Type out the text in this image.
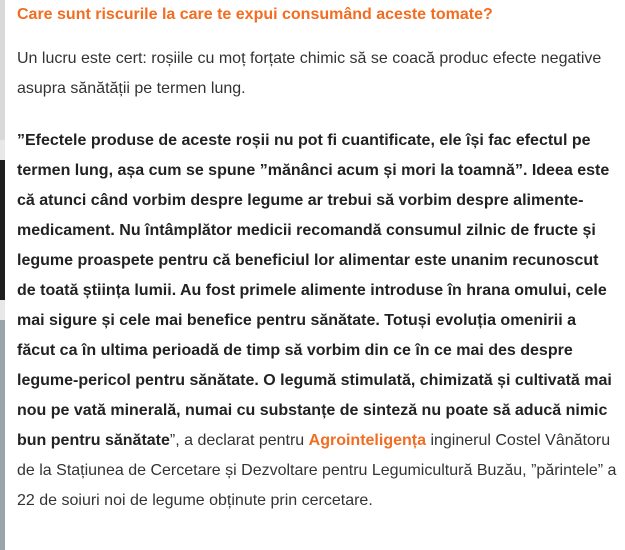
Care sunt riscurile la care te expui consumând aceste tomate?

Un lucru este cert: roșiile cu moț forțate chimic să se coacă produc efecte negative asupra sănătății pe termen lung.

”Efectele produse de aceste roșii nu pot fi cuantificate, ele își fac efectul pe termen lung, așa cum se spune ”mănânci acum și mori la toamnă”. Ideea este că atunci când vorbim despre legume ar trebui să vorbim despre alimente-medicament. Nu întâmplător medicii recomandă consumul zilnic de fructe și legume proaspete pentru că beneficiul lor alimentar este unanim recunoscut de toată știința lumii. Au fost primele alimente introduse în hrana omului, cele mai sigure și cele mai benefice pentru sănătate. Totuși evoluția omenirii a făcut ca în ultima perioadă de timp să vorbim din ce în ce mai des despre legume-pericol pentru sănătate. O legumă stimulată, chimizată și cultivată mai nou pe vată minerală, numai cu substanțe de sinteză nu poate să aducă nimic bun pentru sănătate”, a declarat pentru Agrointeligența inginerul Costel Vânătoru de la Stațiunea de Cercetare și Dezvoltare pentru Legumicultură Buzău, ”părintele” a 22 de soiuri noi de legume obținute prin cercetare.
